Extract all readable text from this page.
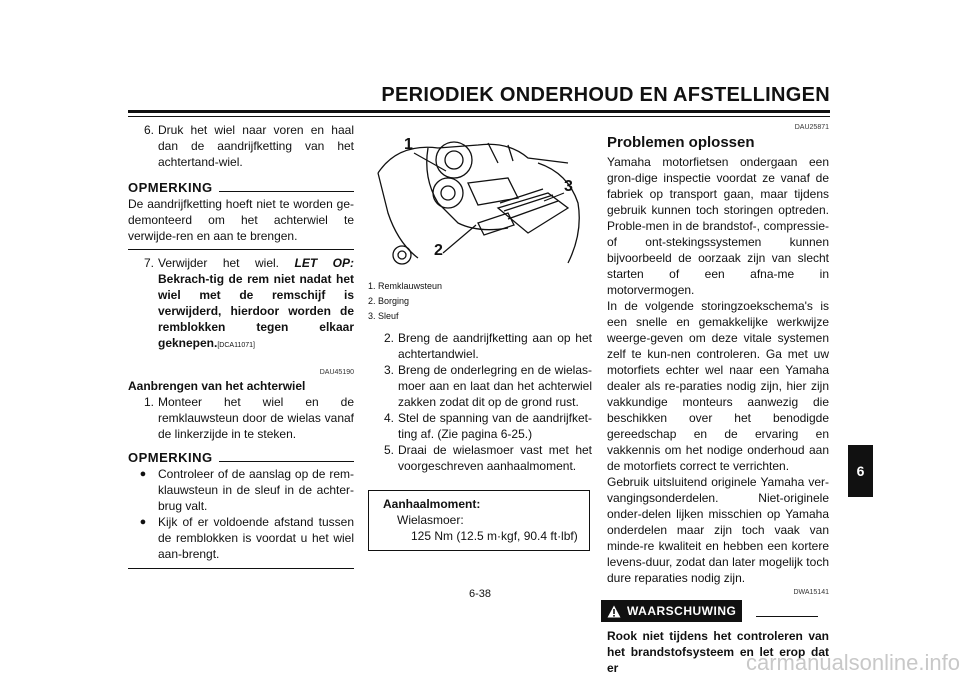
PERIODIEK ONDERHOUD EN AFSTELLINGEN
6. Druk het wiel naar voren en haal dan de aandrijfketting van het achtertand-wiel.
OPMERKING
De aandrijfketting hoeft niet te worden ge-demonteerd om het achterwiel te verwijde-ren en aan te brengen.
7. Verwijder het wiel. LET OP: Bekrach-tig de rem niet nadat het wiel met de remschijf is verwijderd, hierdoor worden de remblokken tegen elkaar geknepen.[DCA11071]
DAU45190
Aanbrengen van het achterwiel
1. Monteer het wiel en de remklauwsteun door de wielas vanaf de linkerzijde in te steken.
OPMERKING
● Controleer of de aanslag op de rem-klauwsteun in de sleuf in de achter-brug valt.
● Kijk of er voldoende afstand tussen de remblokken is voordat u het wiel aan-brengt.
1
2
3
1. Remklauwsteun
2. Borging
3. Sleuf
2. Breng de aandrijfketting aan op het achtertandwiel.
3. Breng de onderlegring en de wielas-moer aan en laat dan het achterwiel zakken zodat dit op de grond rust.
4. Stel de spanning van de aandrijfket-ting af. (Zie pagina 6-25.)
5. Draai de wielasmoer vast met het voorgeschreven aanhaalmoment.
Aanhaalmoment:
Wielasmoer:
125 Nm (12.5 m·kgf, 90.4 ft·lbf)
DAU25871
Problemen oplossen
Yamaha motorfietsen ondergaan een gron-dige inspectie voordat ze vanaf de fabriek op transport gaan, maar tijdens gebruik kunnen toch storingen optreden. Proble-men in de brandstof-, compressie- of ont-stekingssystemen kunnen bijvoorbeeld de oorzaak zijn van slecht starten of een afna-me in motorvermogen.
In de volgende storingzoekschema's is een snelle en gemakkelijke werkwijze weerge-geven om deze vitale systemen zelf te kun-nen controleren. Ga met uw motorfiets echter wel naar een Yamaha dealer als re-paraties nodig zijn, hier zijn vakkundige monteurs aanwezig die beschikken over het benodigde gereedschap en de ervaring en vakkennis om het nodige onderhoud aan de motorfiets correct te verrichten.
Gebruik uitsluitend originele Yamaha ver-vangingsonderdelen. Niet-originele onder-delen lijken misschien op Yamaha onderdelen maar zijn toch vaak van minde-re kwaliteit en hebben een kortere levens-duur, zodat dan later mogelijk toch dure reparaties nodig zijn.
DWA15141
WAARSCHUWING
Rook niet tijdens het controleren van het brandstofsysteem en let erop dat er
6
6-38
carmanualsonline.info
